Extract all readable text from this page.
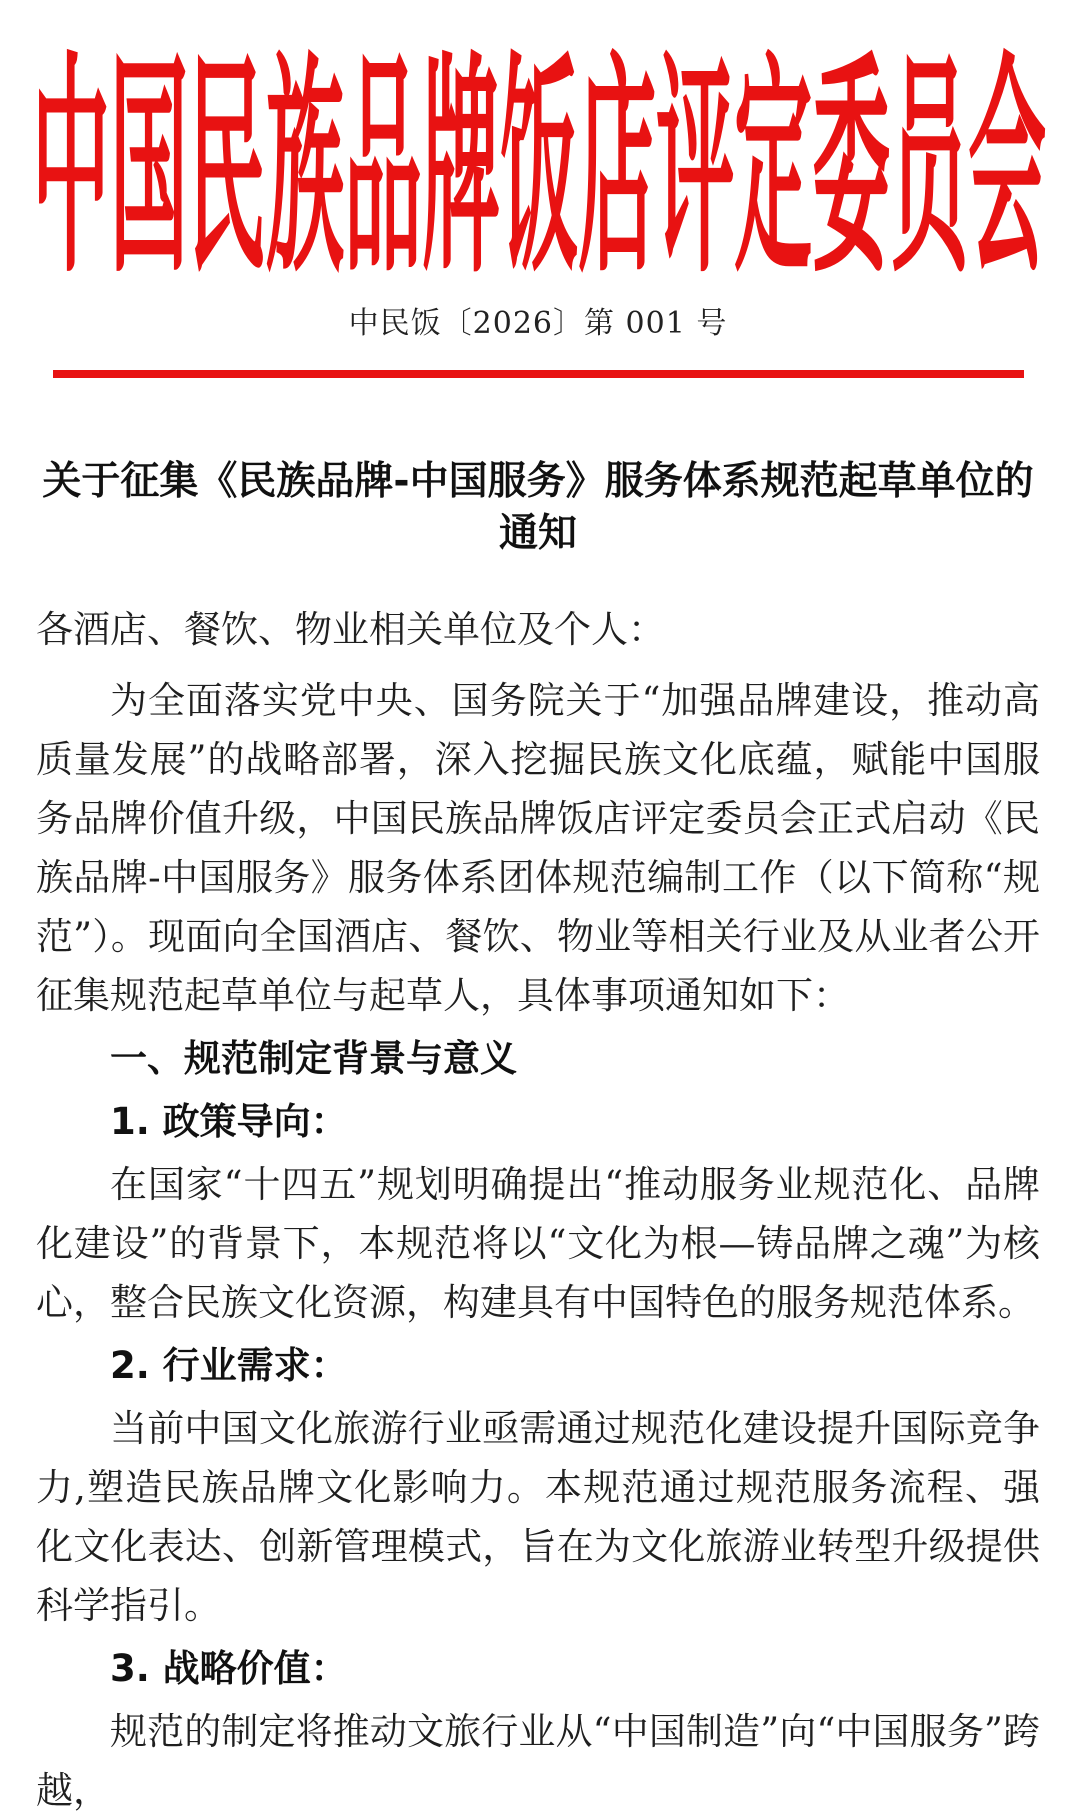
中 国 民 族 品 牌 饭 店 评 定 委 员 会
中民饭〔2026〕第 001 号
关于征集《民族品牌-中国服务》服务体系规范起草单位的通知
各酒店、餐饮、物业相关单位及个人：

为全面落实党中央、国务院关于“加强品牌建设，推动高质量发展”的战略部署，深入挖掘民族文化底蕴，赋能中国服务品牌价值升级，中国民族品牌饭店评定委员会正式启动《民族品牌-中国服务》服务体系团体规范编制工作（以下简称“规范”）。现面向全国酒店、餐饮、物业等相关行业及从业者公开征集规范起草单位与起草人，具体事项通知如下：

一、规范制定背景与意义

1. 政策导向：

在国家“十四五”规划明确提出“推动服务业规范化、品牌化建设”的背景下，本规范将以“文化为根—铸品牌之魂”为核心，整合民族文化资源，构建具有中国特色的服务规范体系。

2. 行业需求：

当前中国文化旅游行业亟需通过规范化建设提升国际竞争力,塑造民族品牌文化影响力。本规范通过规范服务流程、强化文化表达、创新管理模式，旨在为文化旅游业转型升级提供科学指引。

3. 战略价值：

规范的制定将推动文旅行业从“中国制造”向“中国服务”跨越，
